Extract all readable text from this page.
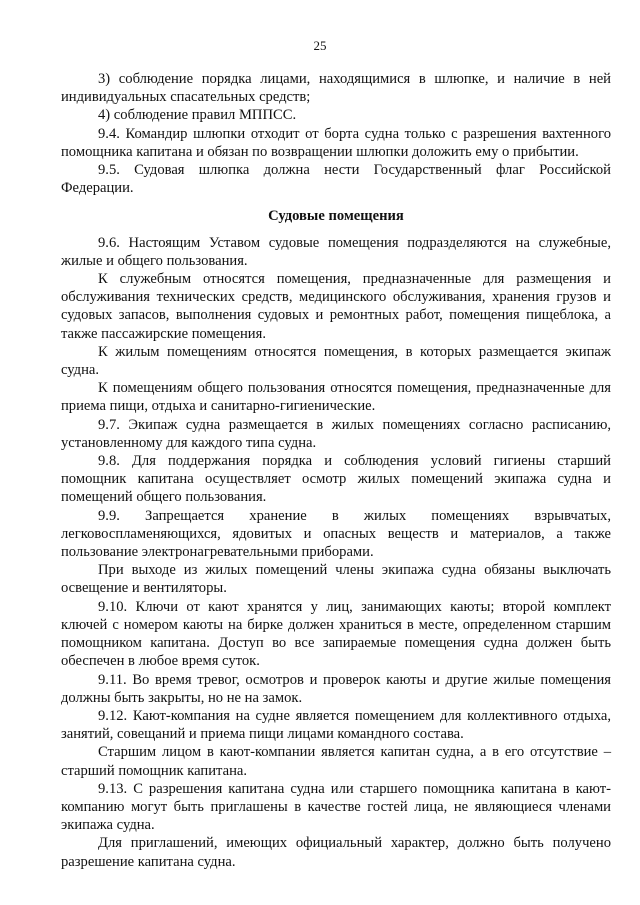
25

3) соблюдение порядка лицами, находящимися в шлюпке, и наличие в ней индивидуальных спасательных средств;

4) соблюдение правил МППСС.

9.4. Командир шлюпки отходит от борта судна только с разрешения вахтенного помощника капитана и обязан по возвращении шлюпки доложить ему о прибытии.

9.5. Судовая шлюпка должна нести Государственный флаг Российской Федерации.

Судовые помещения

9.6. Настоящим Уставом судовые помещения подразделяются на служебные, жилые и общего пользования.

К служебным относятся помещения, предназначенные для размещения и обслуживания технических средств, медицинского обслуживания, хранения грузов и судовых запасов, выполнения судовых и ремонтных работ, помещения пищеблока, а также пассажирские помещения.

К жилым помещениям относятся помещения, в которых размещается экипаж судна.

К помещениям общего пользования относятся помещения, предназначенные для приема пищи, отдыха и санитарно-гигиенические.

9.7. Экипаж судна размещается в жилых помещениях согласно расписанию, установленному для каждого типа судна.

9.8. Для поддержания порядка и соблюдения условий гигиены старший помощник капитана осуществляет осмотр жилых помещений экипажа судна и помещений общего пользования.

9.9. Запрещается хранение в жилых помещениях взрывчатых, легковоспламеняющихся, ядовитых и опасных веществ и материалов, а также пользование электронагревательными приборами.

При выходе из жилых помещений члены экипажа судна обязаны выключать освещение и вентиляторы.

9.10. Ключи от кают хранятся у лиц, занимающих каюты; второй комплект ключей с номером каюты на бирке должен храниться в месте, определенном старшим помощником капитана. Доступ во все запираемые помещения судна должен быть обеспечен в любое время суток.

9.11. Во время тревог, осмотров и проверок каюты и другие жилые помещения должны быть закрыты, но не на замок.

9.12. Кают-компания на судне является помещением для коллективного отдыха, занятий, совещаний и приема пищи лицами командного состава.

Старшим лицом в кают-компании является капитан судна, а в его отсутствие – старший помощник капитана.

9.13. С разрешения капитана судна или старшего помощника капитана в кают-компанию могут быть приглашены в качестве гостей лица, не являющиеся членами экипажа судна.

Для приглашений, имеющих официальный характер, должно быть получено разрешение капитана судна.
